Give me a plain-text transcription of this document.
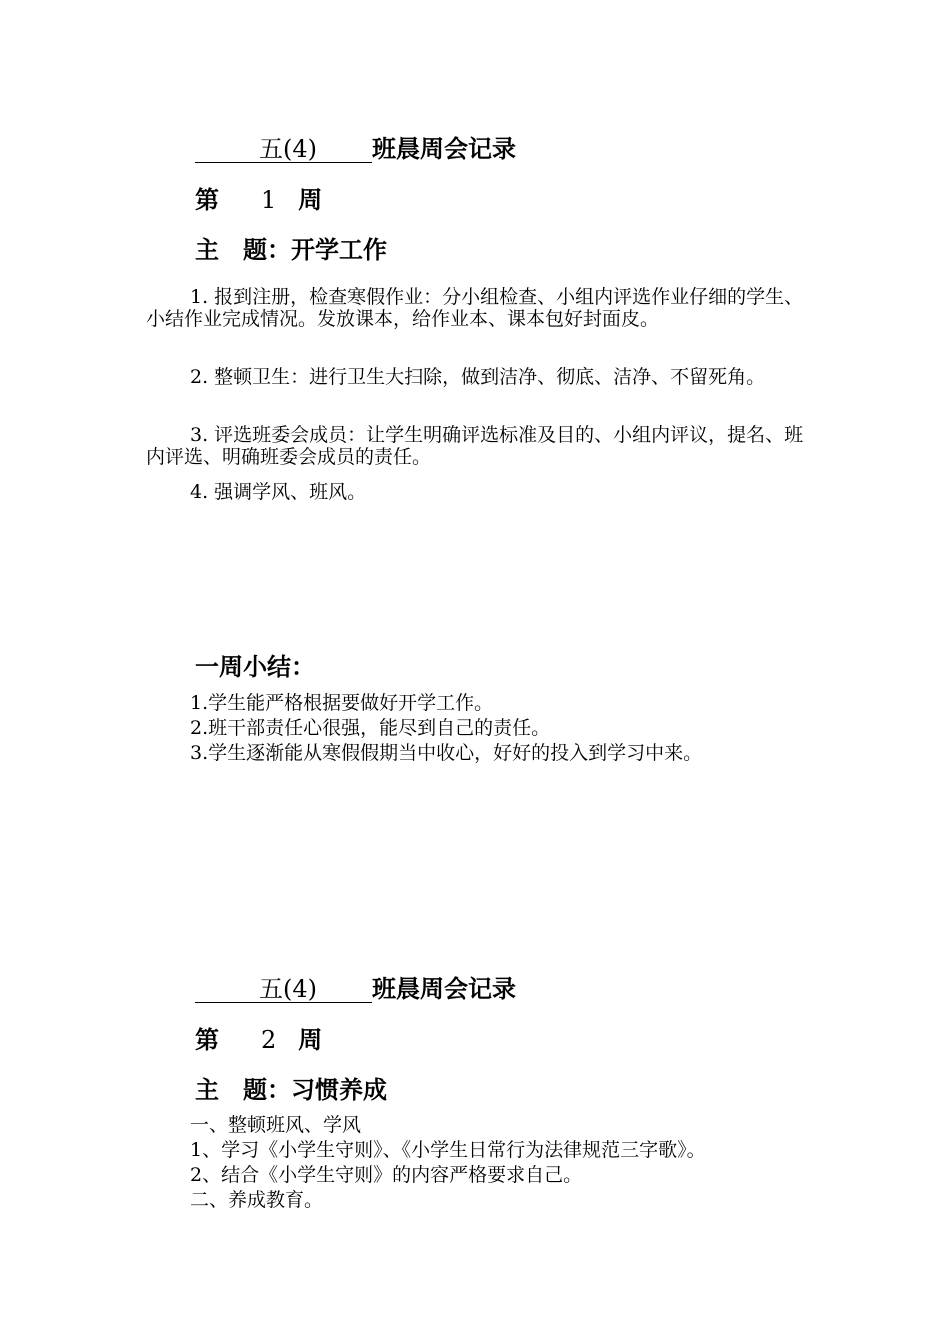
五(4) 班晨周会记录
第 1 周
主　题：开学工作
1. 报到注册，检查寒假作业：分小组检查、小组内评选作业仔细的学生、小结作业完成情况。发放课本，给作业本、课本包好封面皮。
2. 整顿卫生：进行卫生大扫除，做到洁净、彻底、洁净、不留死角。
3. 评选班委会成员：让学生明确评选标准及目的、小组内评议，提名、班内评选、明确班委会成员的责任。
4. 强调学风、班风。
一周小结：
1.学生能严格根据要做好开学工作。
2.班干部责任心很强，能尽到自己的责任。
3.学生逐渐能从寒假假期当中收心，好好的投入到学习中来。
五(4) 班晨周会记录
第 2 周
主　题：习惯养成
一、整顿班风、学风
1、学习《小学生守则》、《小学生日常行为法律规范三字歌》。
2、结合《小学生守则》的内容严格要求自己。
二、养成教育。
